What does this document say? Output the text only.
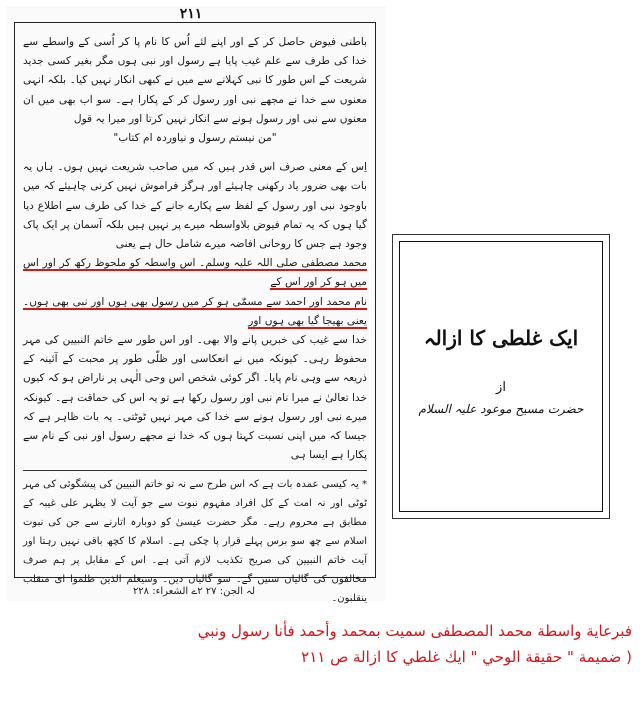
۲۱۱

باطنی فیوض حاصل کر کے اور اپنے لئے اُس کا نام پا کر اُسی کے واسطے سے خدا کی طرف سے علم غیب پایا ہے رسول اور نبی ہوں مگر بغیر کسی جدید شریعت کے اس طور کا نبی کہلانے سے میں نے کبھی انکار نہیں کیا۔ بلکہ انہی معنوں سے خدا نے مجھے نبی اور رسول کر کے پکارا ہے۔ سو اب بھی میں ان معنوں سے نبی اور رسول ہونے سے انکار نہیں کرتا اور میرا یہ قول

"من نیستم رسول و نیاوردہ ام کتاب"

اِس کے معنی صرف اس قدر ہیں کہ میں صاحب شریعت نہیں ہوں۔ ہاں یہ بات بھی ضرور یاد رکھنی چاہیئے اور ہرگز فراموش نہیں کرنی چاہیئے کہ میں باوجود نبی اور رسول کے لفظ سے پکارے جانے کے خدا کی طرف سے اطلاع دیا گیا ہوں کہ یہ تمام فیوض بلاواسطہ میرے پر نہیں ہیں بلکہ آسمان پر ایک پاک وجود ہے جس کا روحانی افاضہ میرے شامل حال ہے یعنی

محمد مصطفی صلی اللہ علیہ وسلم۔ اس واسطہ کو ملحوظ رکھ کر اور اس میں ہو کر اور اس کے

نام محمد اور احمد سے مسمّٰی ہو کر میں رسول بھی ہوں اور نبی بھی ہوں۔ یعنی بھیجا گیا بھی ہوں اور

خدا سے غیب کی خبریں پانے والا بھی۔ اور اس طور سے خاتم النبیین کی مہر محفوظ رہی۔ کیونکہ میں نے انعکاسی اور ظلّی طور پر محبت کے آئینہ کے ذریعہ سے وہی نام پایا۔ اگر کوئی شخص اس وحی الٰہی پر ناراض ہو کہ کیوں خدا تعالیٰ نے میرا نام نبی اور رسول رکھا ہے تو یہ اس کی حماقت ہے۔ کیونکہ میرے نبی اور رسول ہونے سے خدا کی مہر نہیں ٹوٹتی۔ یہ بات ظاہر ہے کہ جیسا کہ میں اپنی نسبت کہتا ہوں کہ خدا نے مجھے رسول اور نبی کے نام سے پکارا ہے ایسا ہی

* یہ کیسی عمدہ بات ہے کہ اس طرح سے نہ تو خاتم النبیین کی پیشگوئی کی مہر ٹوٹی اور نہ امت کے کل افراد مفہوم نبوت سے جو آیت لا یظہر علی غیبہ کے مطابق ہے محروم رہے۔ مگر حضرت عیسیٰ کو دوبارہ اتارنے سے جن کی نبوت اسلام سے چھ سو برس پہلے قرار پا چکی ہے۔ اسلام کا کچھ باقی نہیں رہتا اور آیت خاتم النبیین کی صریح تکذیب لازم آتی ہے۔ اس کے مقابل پر ہم صرف مخالفوں کی گالیاں سنیں گے۔ سو گالیاں دیں۔ وسیعلم الذین ظلموا ای منقلب ینقلبون۔
لہ الجن: ۲۷ ۲ے الشعراء: ۲۲۸
ایک غلطی کا ازالہ
از
حضرت مسیح موعود علیہ السلام
فبرعاية واسطة محمد المصطفى سميت بمحمد وأحمد فأنا رسول ونبي
( ضميمة " حقيقة الوحي " ايك غلطي كا ازالة ص ٢١١
